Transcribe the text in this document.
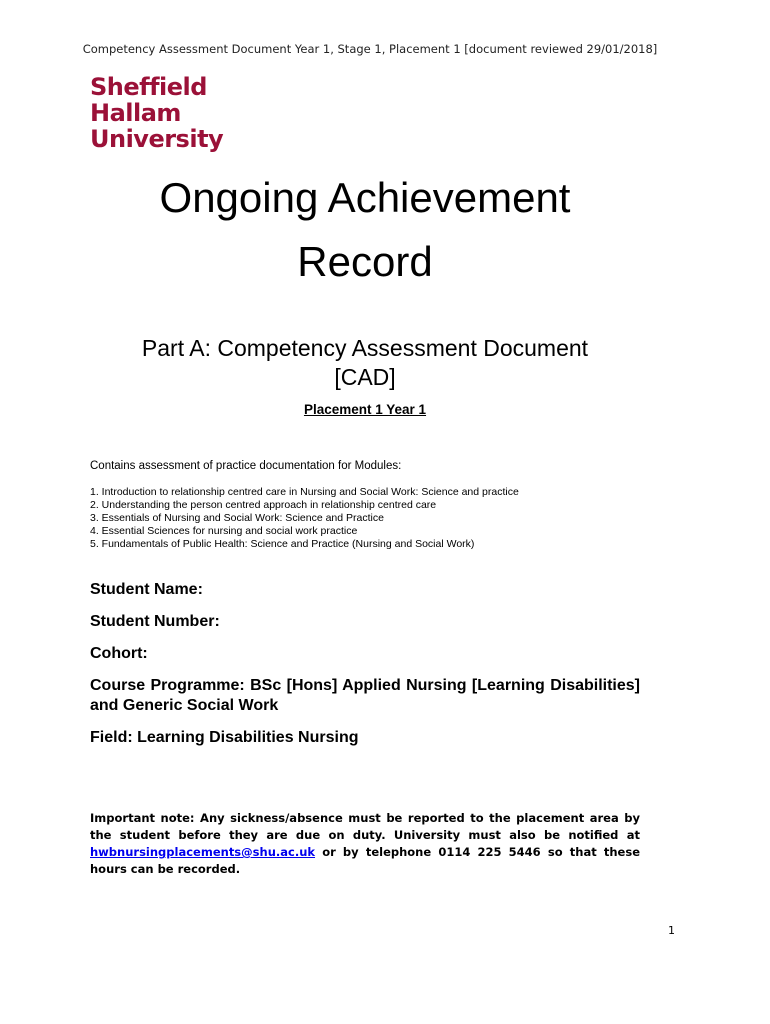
Competency Assessment Document Year 1, Stage 1, Placement 1 [document reviewed 29/01/2018]
Sheffield
Hallam
University
Ongoing Achievement
Record
Part A: Competency Assessment Document
[CAD]
Placement 1 Year 1
Contains assessment of practice documentation for Modules:
1. Introduction to relationship centred care in Nursing and Social Work: Science and practice
2. Understanding the person centred approach in relationship centred care
3. Essentials of Nursing and Social Work: Science and Practice
4. Essential Sciences for nursing and social work practice
5. Fundamentals of Public Health: Science and Practice (Nursing and Social Work)

Student Name:

Student Number:

Cohort:

Course Programme: BSc [Hons] Applied Nursing [Learning Disabilities] and Generic Social Work

Field: Learning Disabilities Nursing

Important note: Any sickness/absence must be reported to the placement area by the student before they are due on duty. University must also be notified at hwbnursingplacements@shu.ac.uk or by telephone 0114 225 5446 so that these hours can be recorded.
1
